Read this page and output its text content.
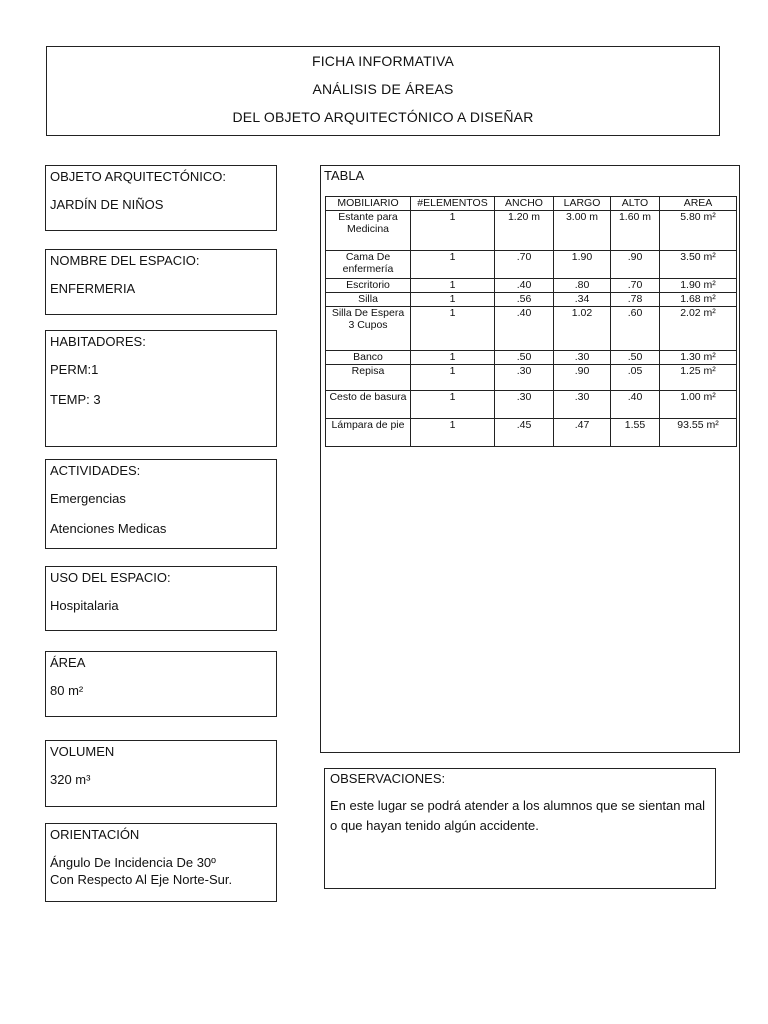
FICHA INFORMATIVA
ANÁLISIS DE ÁREAS
DEL OBJETO ARQUITECTÓNICO A DISEÑAR
OBJETO ARQUITECTÓNICO:
JARDÍN DE NIÑOS
NOMBRE DEL ESPACIO:
ENFERMERIA
HABITADORES:
PERM:1
TEMP: 3
ACTIVIDADES:
Emergencias
Atenciones Medicas
USO DEL ESPACIO:
Hospitalaria
ÁREA
80 m²
VOLUMEN
320 m³
ORIENTACIÓN
Ángulo De Incidencia De 30º
Con Respecto Al Eje Norte-Sur.
TABLA
MOBILIARIO	#ELEMENTOS	ANCHO	LARGO	ALTO	AREA
Estante para Medicina	1	1.20 m	3.00 m	1.60 m	5.80 m²
Cama De enfermería	1	.70	1.90	.90	3.50 m²
Escritorio	1	.40	.80	.70	1.90 m²
Silla	1	.56	.34	.78	1.68 m²
Silla De Espera 3 Cupos	1	.40	1.02	.60	2.02 m²
Banco	1	.50	.30	.50	1.30 m²
Repisa	1	.30	.90	.05	1.25 m²
Cesto de basura	1	.30	.30	.40	1.00 m²
Lámpara de pie	1	.45	.47	1.55	93.55 m²
OBSERVACIONES:
En este lugar se podrá atender a los alumnos que se sientan mal o que hayan tenido algún accidente.
